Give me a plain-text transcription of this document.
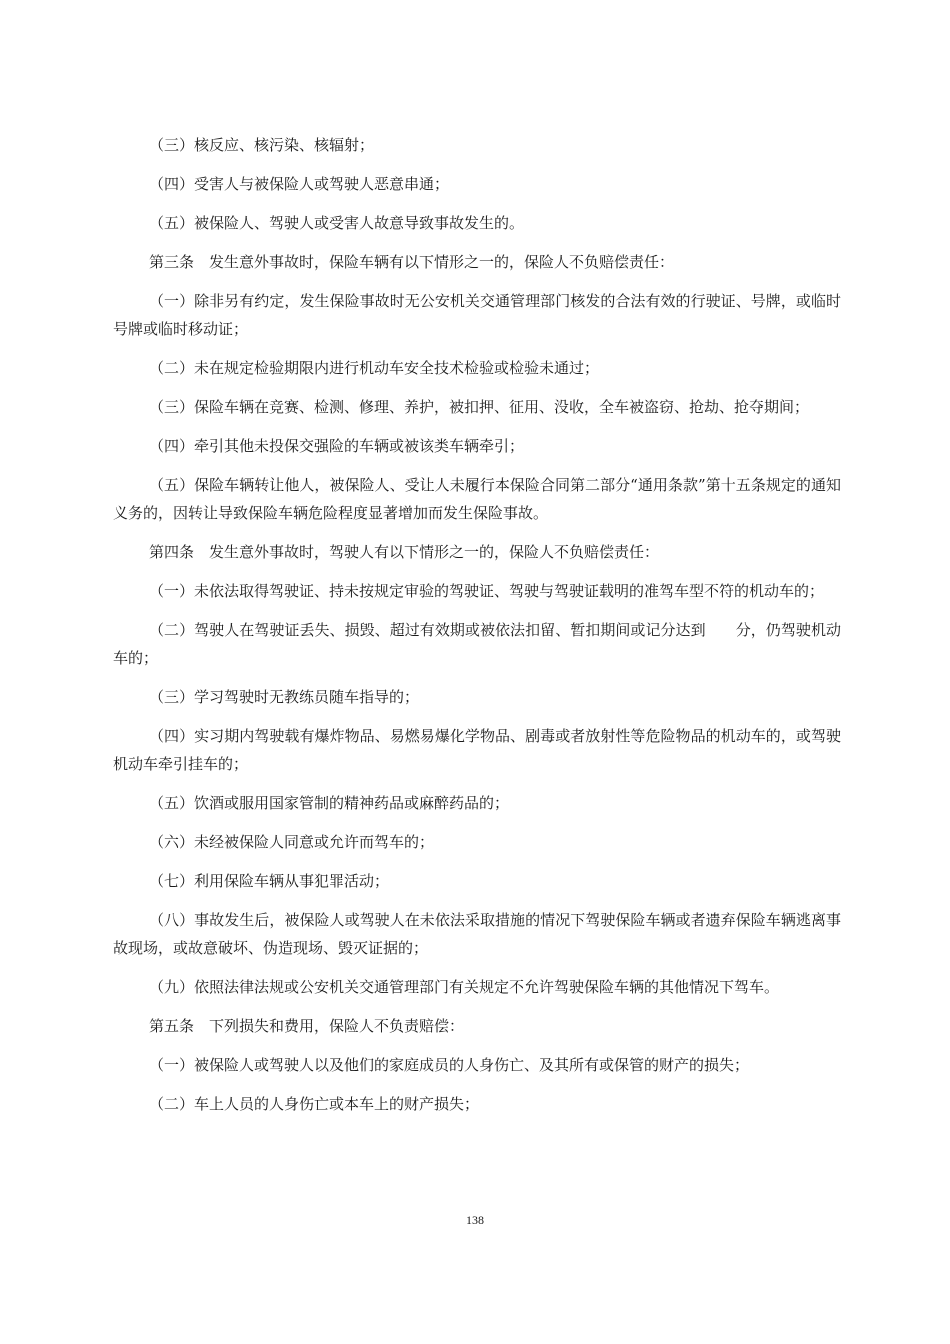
（三）核反应、核污染、核辐射；

（四）受害人与被保险人或驾驶人恶意串通；

（五）被保险人、驾驶人或受害人故意导致事故发生的。

第三条　发生意外事故时，保险车辆有以下情形之一的，保险人不负赔偿责任：

（一）除非另有约定，发生保险事故时无公安机关交通管理部门核发的合法有效的行驶证、号牌，或临时号牌或临时移动证；

（二）未在规定检验期限内进行机动车安全技术检验或检验未通过；

（三）保险车辆在竞赛、检测、修理、养护，被扣押、征用、没收，全车被盗窃、抢劫、抢夺期间；

（四）牵引其他未投保交强险的车辆或被该类车辆牵引；

（五）保险车辆转让他人，被保险人、受让人未履行本保险合同第二部分“通用条款”第十五条规定的通知义务的，因转让导致保险车辆危险程度显著增加而发生保险事故。

第四条　发生意外事故时，驾驶人有以下情形之一的，保险人不负赔偿责任：

（一）未依法取得驾驶证、持未按规定审验的驾驶证、驾驶与驾驶证载明的准驾车型不符的机动车的；

（二）驾驶人在驾驶证丢失、损毁、超过有效期或被依法扣留、暂扣期间或记分达到　　分，仍驾驶机动车的；

（三）学习驾驶时无教练员随车指导的；

（四）实习期内驾驶载有爆炸物品、易燃易爆化学物品、剧毒或者放射性等危险物品的机动车的，或驾驶机动车牵引挂车的；

（五）饮酒或服用国家管制的精神药品或麻醉药品的；

（六）未经被保险人同意或允许而驾车的；

（七）利用保险车辆从事犯罪活动；

（八）事故发生后，被保险人或驾驶人在未依法采取措施的情况下驾驶保险车辆或者遗弃保险车辆逃离事故现场，或故意破坏、伪造现场、毁灭证据的；

（九）依照法律法规或公安机关交通管理部门有关规定不允许驾驶保险车辆的其他情况下驾车。

第五条　下列损失和费用，保险人不负责赔偿：

（一）被保险人或驾驶人以及他们的家庭成员的人身伤亡、及其所有或保管的财产的损失；

（二）车上人员的人身伤亡或本车上的财产损失；

138
